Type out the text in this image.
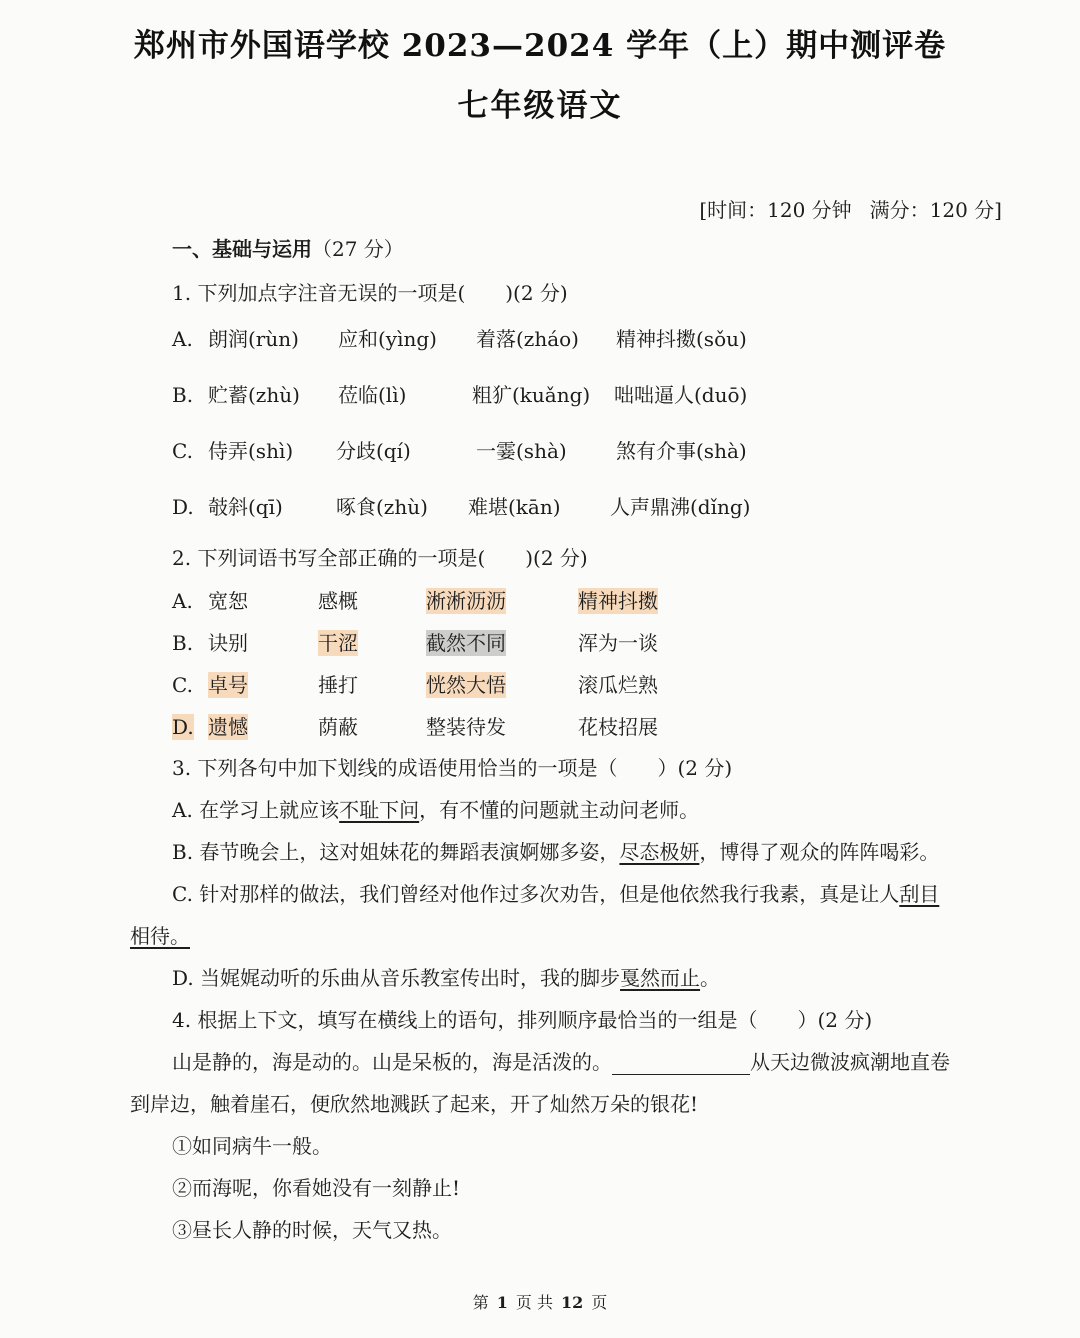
郑州市外国语学校 2023—2024 学年（上）期中测评卷
七年级语文
[时间：120 分钟 满分：120 分]
一、基础与运用（27 分）
1. 下列加点字注音无误的一项是(　　)(2 分)
A. 朗润(rùn) 应和(yìng) 着落(zháo) 精神抖擞(sǒu)
B. 贮蓄(zhù) 莅临(lì)	粗犷(kuǎng) 咄咄逼人(duō)
C. 侍弄(shì) 分歧(qí)	一霎(shà) 煞有介事(shà)
D. 攲斜(qī)	啄食(zhù) 难堪(kān) 人声鼎沸(dǐng)
2. 下列词语书写全部正确的一项是(　　)(2 分)
A. 宽恕	感概	淅淅沥沥	精神抖擞
B. 诀别	干涩	截然不同	浑为一谈
C. 卓号	捶打	恍然大悟	滚瓜烂熟
D. 遗憾	荫蔽	整装待发	花枝招展
3. 下列各句中加下划线的成语使用恰当的一项是（　　）(2 分)
A. 在学习上就应该不耻下问，有不懂的问题就主动问老师。
B. 春节晚会上，这对姐妹花的舞蹈表演婀娜多姿，尽态极妍，博得了观众的阵阵喝彩。
C. 针对那样的做法，我们曾经对他作过多次劝告，但是他依然我行我素，真是让人刮目
相待。
D. 当娓娓动听的乐曲从音乐教室传出时，我的脚步戛然而止。
4. 根据上下文，填写在横线上的语句，排列顺序最恰当的一组是（　　）(2 分)
山是静的，海是动的。山是呆板的，海是活泼的。	从天边微波疯潮地直卷
到岸边，触着崖石，便欣然地溅跃了起来，开了灿然万朵的银花!
①如同病牛一般。
②而海呢，你看她没有一刻静止!
③昼长人静的时候，天气又热。
第 1 页 共 12 页
